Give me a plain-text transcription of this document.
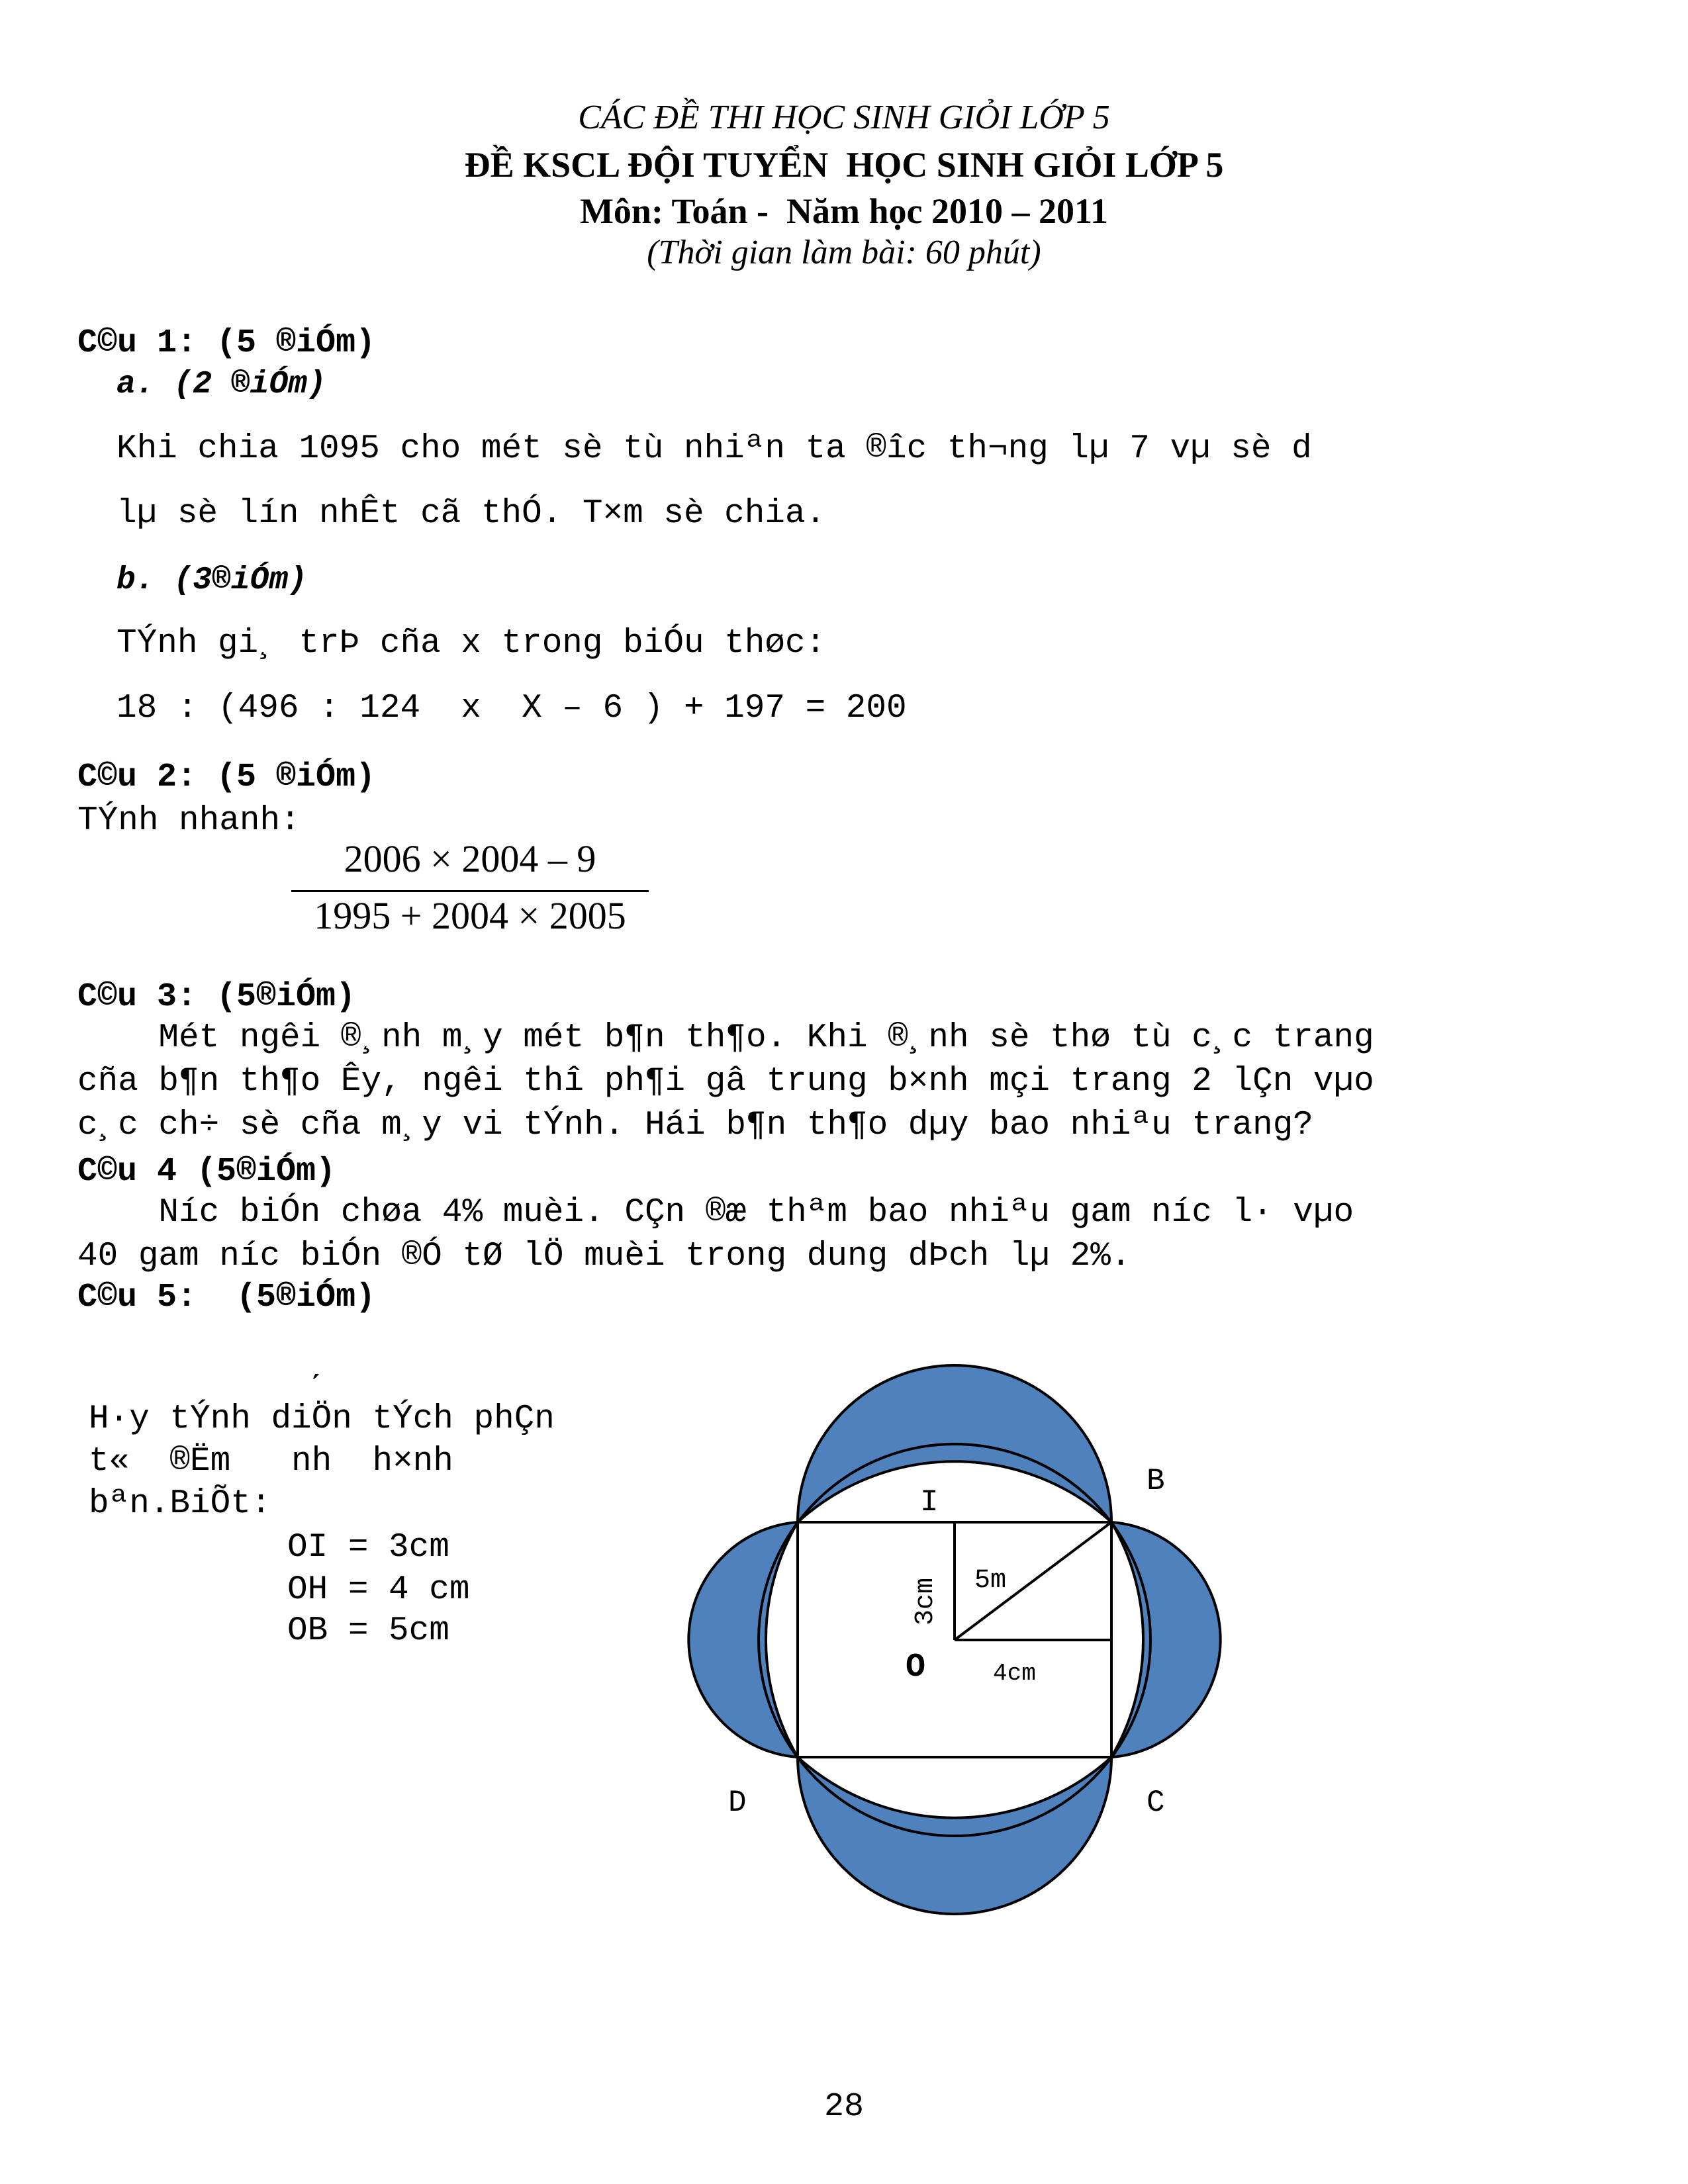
CÁC ĐỀ THI HỌC SINH GIỎI LỚP 5
ĐỀ KSCL ĐỘI TUYỂN  HỌC SINH GIỎI LỚP 5
Môn: Toán -  Năm học 2010 – 2011
(Thời gian làm bài: 60 phút)
C©u 1: (5 ®iÓm)
a. (2 ®iÓm)
Khi chia 1095 cho mét sè tù nhiªn ta ®îc th¬ng lµ 7 vµ sè d
lµ sè lín nhÊt cã thÓ. T×m sè chia.
b. (3®iÓm)
TÝnh gi¸ trÞ cña x trong biÓu thøc:
18 : (496 : 124  x  X – 6 ) + 197 = 200
C©u 2: (5 ®iÓm)
TÝnh nhanh:
2006 × 2004 – 9
1995 + 2004 × 2005
C©u 3: (5®iÓm)
Mét ngêi ®¸nh m¸y mét b¶n th¶o. Khi ®¸nh sè thø tù c¸c trang
cña b¶n th¶o Êy, ngêi thî ph¶i gâ trung b×nh mçi trang 2 lÇn vµo
c¸c ch÷ sè cña m¸y vi tÝnh. Hái b¶n th¶o dµy bao nhiªu trang?
C©u 4 (5®iÓm)
Níc biÓn chøa 4% muèi. CÇn ®æ thªm bao nhiªu gam níc l· vµo
40 gam níc biÓn ®Ó tØ lÖ muèi trong dung dÞch lµ 2%.
C©u 5:  (5®iÓm)
ˏ
H·y tÝnh diÖn tÝch phÇn
t«  ®Ëm   nh  h×nh
bªn.BiÕt:
OI = 3cm
OH = 4 cm
OB = 5cm
I
B
C
D
O
5m
4cm
3cm
28
